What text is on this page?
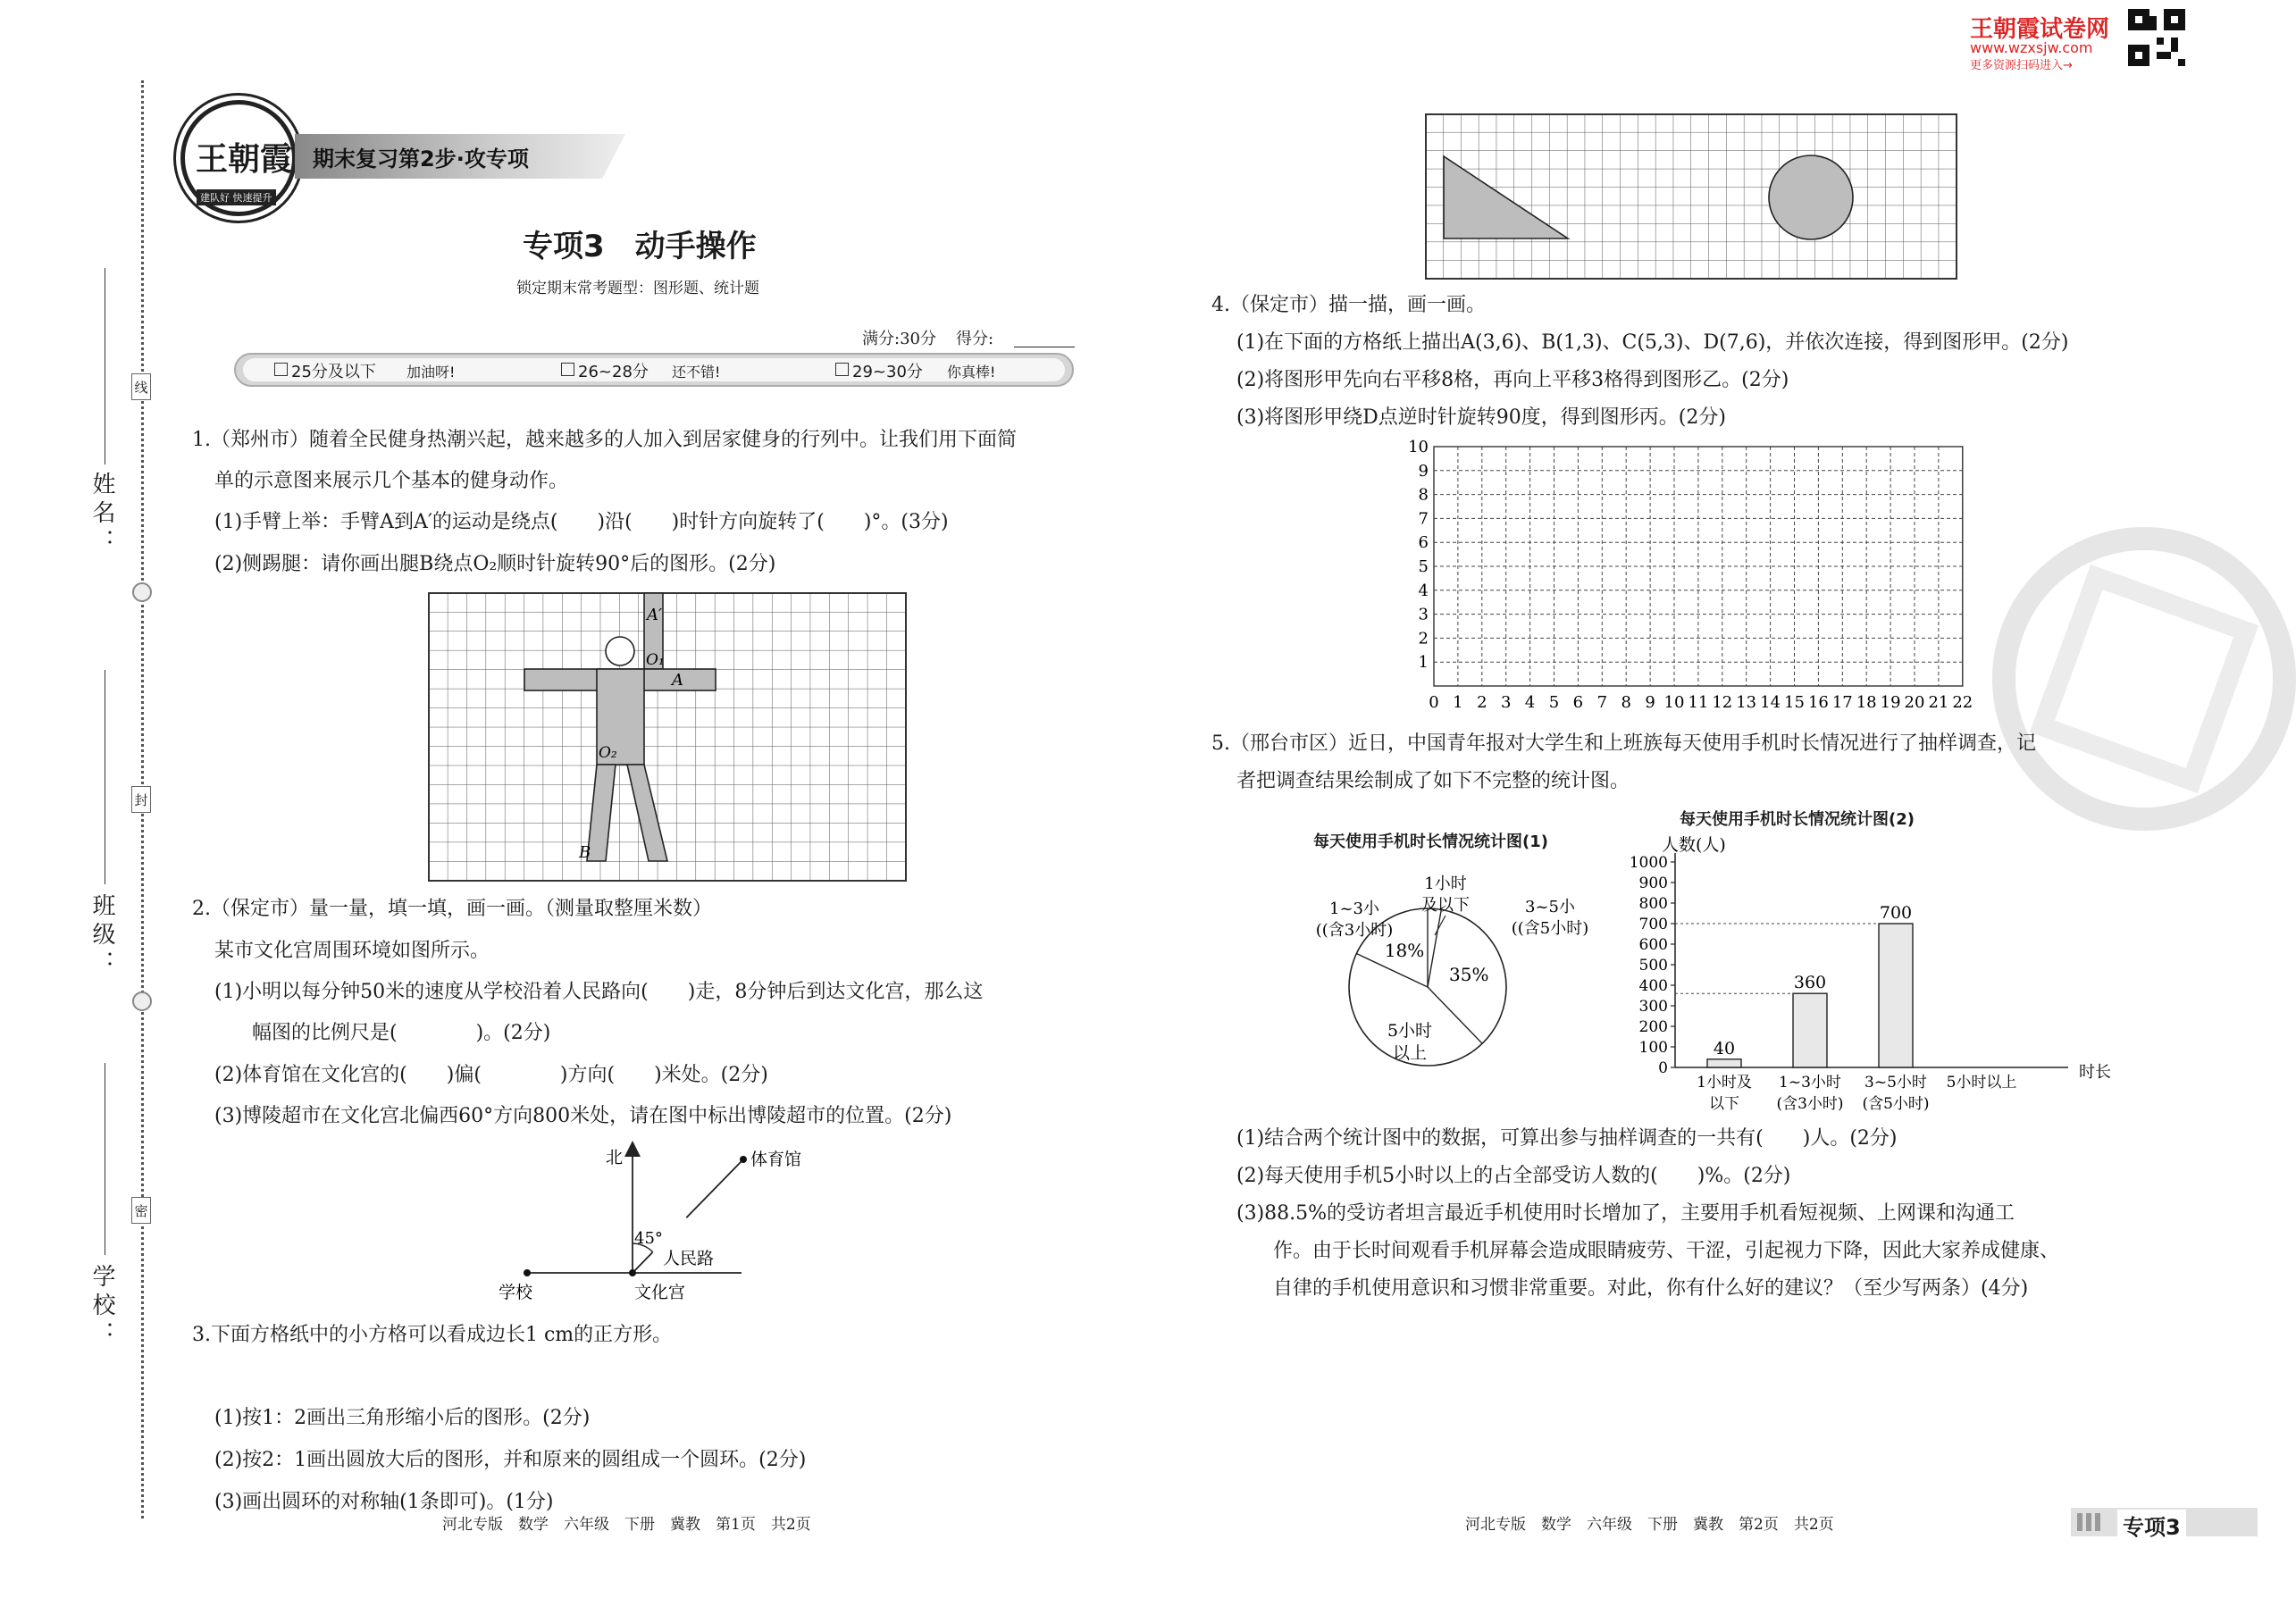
姓名：
班级：
学校：
线
封
密
王朝霞
建队好 快速提升
期末复习第2步·攻专项
王朝霞试卷网
www.wzxsjw.com
更多资源扫码进入→
专项3　动手操作
锁定期末常考题型：图形题、统计题
满分:30分 得分:
25分及以下 加油呀!	26~28分 还不错!	29~30分 你真棒!
1.（郑州市）随着全民健身热潮兴起，越来越多的人加入到居家健身的行列中。让我们用下面简
单的示意图来展示几个基本的健身动作。
(1)手臂上举：手臂A到A′的运动是绕点(　　)沿(　　)时针方向旋转了(　　)°。(3分)
(2)侧踢腿：请你画出腿B绕点O₂顺时针旋转90°后的图形。(2分)
A′
O₁
A
O₂
B
2.（保定市）量一量，填一填，画一画。（测量取整厘米数）
某市文化宫周围环境如图所示。
(1)小明以每分钟50米的速度从学校沿着人民路向(　　)走，8分钟后到达文化宫，那么这
幅图的比例尺是(　　　　)。(2分)
(2)体育馆在文化宫的(　　)偏(　　　　)方向(　　)米处。(2分)
(3)博陵超市在文化宫北偏西60°方向800米处，请在图中标出博陵超市的位置。(2分)
北	体育馆
45°
人民路
学校	文化宫
3.下面方格纸中的小方格可以看成边长1 cm的正方形。
(1)按1：2画出三角形缩小后的图形。(2分)
(2)按2：1画出圆放大后的图形，并和原来的圆组成一个圆环。(2分)
(3)画出圆环的对称轴(1条即可)。(1分)
河北专版　数学　六年级　下册　冀教　第1页　共2页	河北专版　数学　六年级　下册　冀教　第2页　共2页	专项3
4.（保定市）描一描，画一画。
(1)在下面的方格纸上描出A(3,6)、B(1,3)、C(5,3)、D(7,6)，并依次连接，得到图形甲。(2分)
(2)将图形甲先向右平移8格，再向上平移3格得到图形乙。(2分)
(3)将图形甲绕D点逆时针旋转90度，得到图形丙。(2分)
0 1 2 3 4 5 6 7 8 9 10 11 12 13 14 15 16 17 18 19 20 21 22
1
2
3
4
5
6
7
8
9
10
5.（邢台市区）近日，中国青年报对大学生和上班族每天使用手机时长情况进行了抽样调查，记
者把调查结果绘制成了如下不完整的统计图。
每天使用手机时长情况统计图(1)
35%
18%
5小时
以上
1~3小
((含3小时)
1小时
及以下	3~5小
((含5小时)
每天使用手机时长情况统计图(2)
人数(人)
0
100
200
300
400
500
600
700
800
900
1000
时长
40
1小时及
以下
360
1~3小时
(含3小时)
700
3~5小时
(含5小时)
5小时以上
(1)结合两个统计图中的数据，可算出参与抽样调查的一共有(　　)人。(2分)
(2)每天使用手机5小时以上的占全部受访人数的(　　)%。(2分)
(3)88.5%的受访者坦言最近手机使用时长增加了，主要用手机看短视频、上网课和沟通工
作。由于长时间观看手机屏幕会造成眼睛疲劳、干涩，引起视力下降，因此大家养成健康、
自律的手机使用意识和习惯非常重要。对此，你有什么好的建议？（至少写两条）(4分)
